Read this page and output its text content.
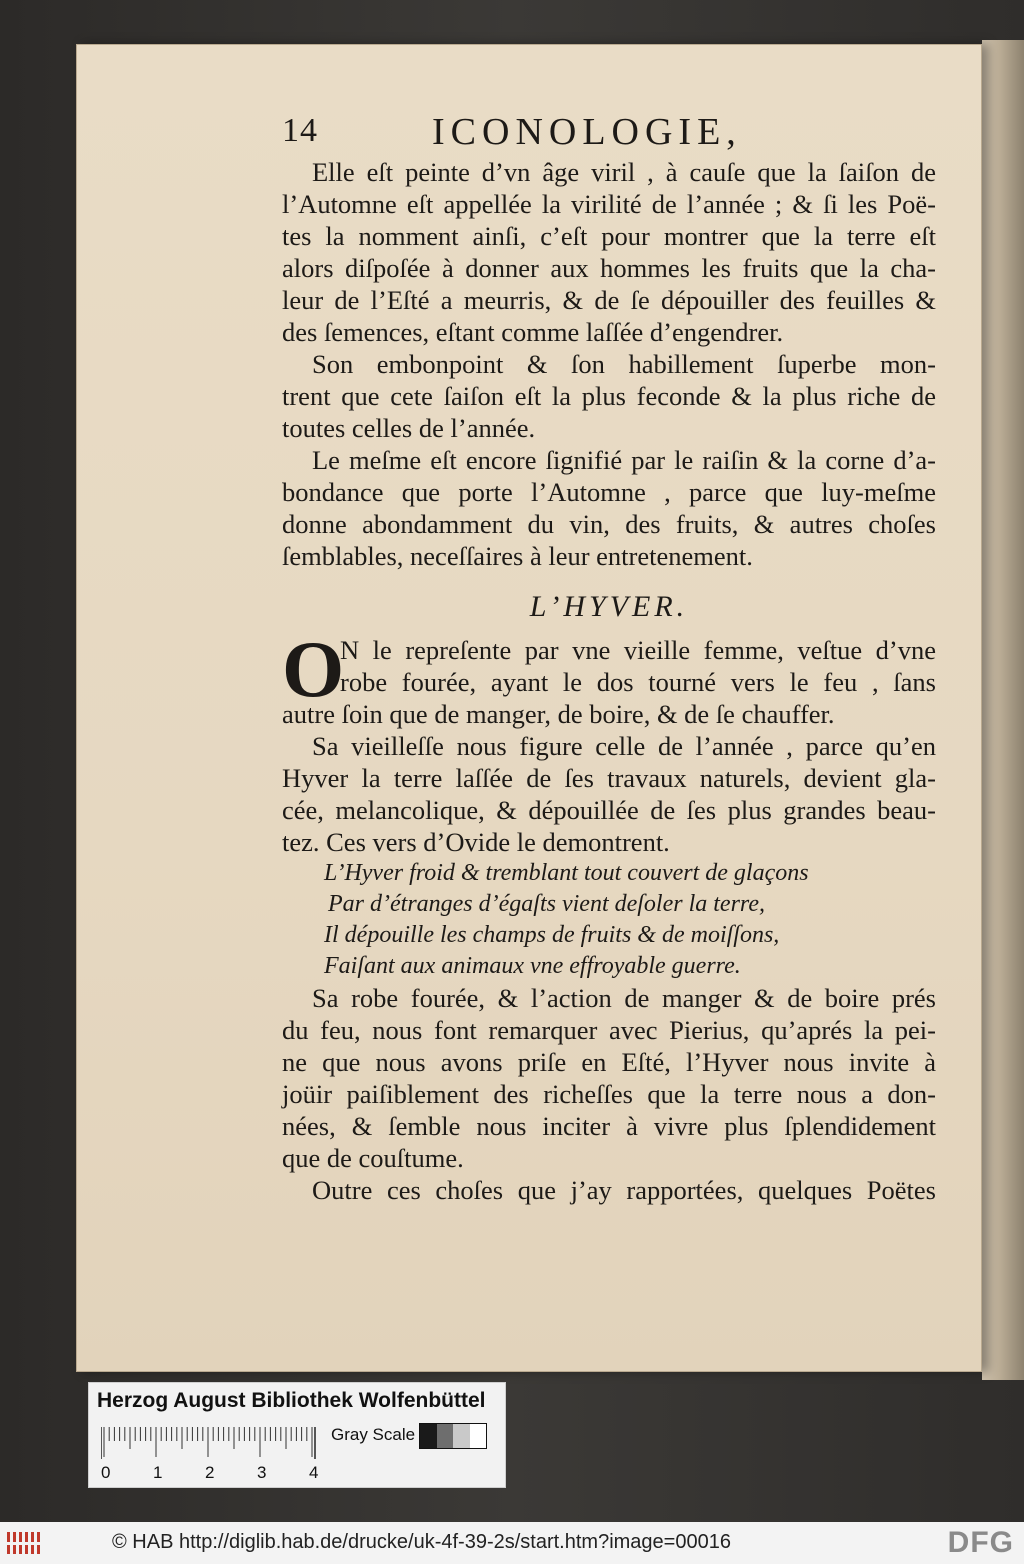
14	ICONOLOGIE,

Elle eſt peinte d’vn âge viril , à cauſe que la ſaiſon de

l’Automne eſt appellée la virilité de l’année ; & ſi les Poë-
tes la nomment ainſi, c’eſt pour montrer que la terre eſt
alors diſpoſée à donner aux hommes les fruits que la cha-
leur de l’Eſté a meurris, & de ſe dépouiller des feuilles &
des ſemences, eſtant comme laſſée d’engendrer.

Son embonpoint & ſon habillement ſuperbe mon-

trent que cete ſaiſon eſt la plus feconde & la plus riche de
toutes celles de l’année.

Le meſme eſt encore ſignifié par le raiſin & la corne d’a-

bondance que porte l’Automne , parce que luy-meſme
donne abondamment du vin, des fruits, & autres choſes
ſemblables, neceſſaires à leur entretenement.

L’HYVER.
O

N le repreſente par vne vieille femme, veſtue d’vne
robe fourée, ayant le dos tourné vers le feu , ſans

autre ſoin que de manger, de boire, & de ſe chauffer.

Sa vieilleſſe nous figure celle de l’année , parce qu’en

Hyver la terre laſſée de ſes travaux naturels, devient gla-
cée, melancolique, & dépouillée de ſes plus grandes beau-
tez. Ces vers d’Ovide le demontrent.

L’Hyver froid & tremblant tout couvert de glaçons
Par d’étranges d’égaſts vient deſoler la terre,
Il dépouille les champs de fruits & de moiſſons,
Faiſant aux animaux vne effroyable guerre.

Sa robe fourée, & l’action de manger & de boire prés

du feu, nous font remarquer avec Pierius, qu’aprés la pei-
ne que nous avons priſe en Eſté, l’Hyver nous invite à
joüir paiſiblement des richeſſes que la terre nous a don-
nées, & ſemble nous inciter à vivre plus ſplendidement
que de couſtume.

Outre ces choſes que j’ay rapportées, quelques Poëtes

Herzog August Bibliothek Wolfenbüttel
0	1	2	3	4
Gray Scale
© HAB http://diglib.hab.de/drucke/uk-4f-39-2s/start.htm?image=00016	DFG
